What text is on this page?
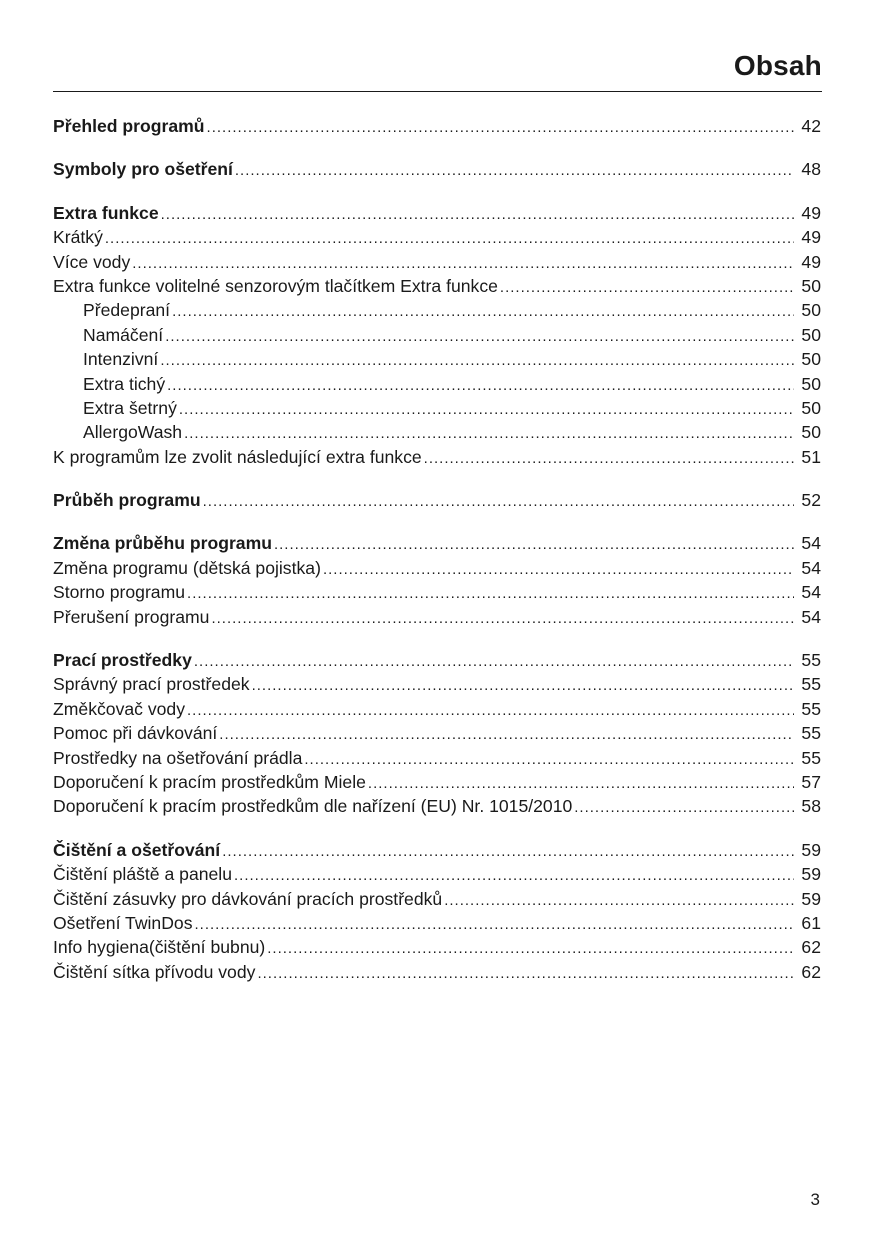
Obsah
Přehled programů .....	42
Symboly pro ošetření .....	48
Extra funkce .....	49
Krátký .....	49
Více vody .....	49
Extra funkce volitelné senzorovým tlačítkem Extra funkce .....	50
Předepraní .....	50
Namáčení .....	50
Intenzivní .....	50
Extra tichý .....	50
Extra šetrný .....	50
AllergoWash .....	50
K programům lze zvolit následující extra funkce .....	51
Průběh programu .....	52
Změna průběhu programu .....	54
Změna programu (dětská pojistka) .....	54
Storno programu .....	54
Přerušení programu .....	54
Prací prostředky .....	55
Správný prací prostředek .....	55
Změkčovač vody .....	55
Pomoc při dávkování .....	55
Prostředky na ošetřování prádla .....	55
Doporučení k pracím prostředkům Miele .....	57
Doporučení k pracím prostředkům dle nařízení (EU) Nr. 1015/2010 .....	58
Čištění a ošetřování .....	59
Čištění pláště a panelu .....	59
Čištění zásuvky pro dávkování pracích prostředků .....	59
Ošetření TwinDos .....	61
Info hygiena(čištění bubnu) .....	62
Čištění sítka přívodu vody .....	62
3
